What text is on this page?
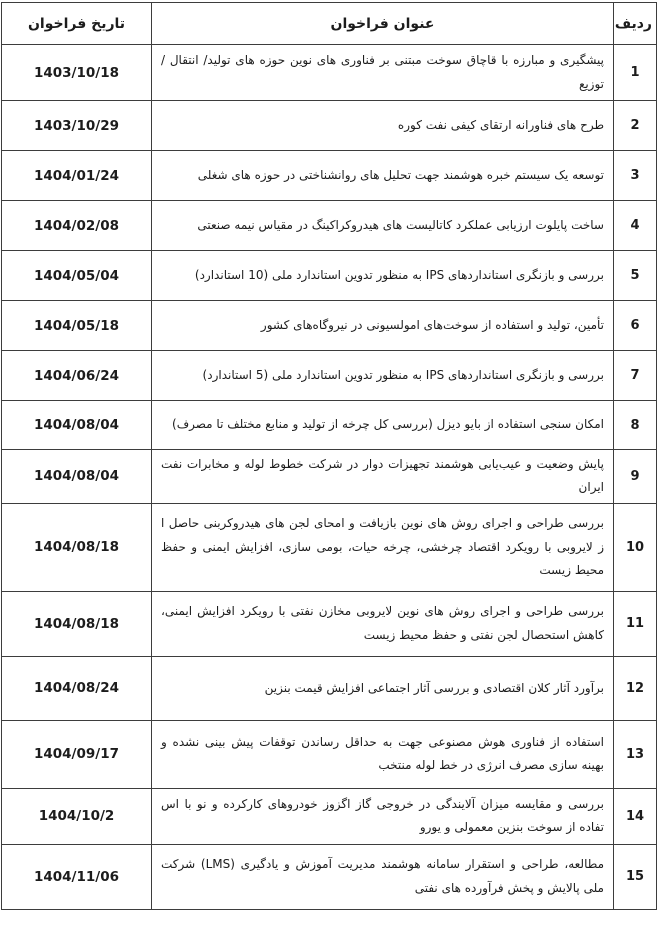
ردیف	عنوان فراخوان	تاریخ فراخوان
1	پیشگیری و مبارزه با قاچاق سوخت مبتنی بر فناوری های نوین حوزه های تولید/ انتقال / توزیع	1403/10/18
2	طرح های فناورانه ارتقای کیفی نفت کوره	1403/10/29
3	توسعه یک سیستم خبره هوشمند جهت تحلیل های روانشناختی در حوزه های شغلی	1404/01/24
4	ساخت پایلوت ارزیابی عملکرد کاتالیست های هیدروکراکینگ در مقیاس نیمه صنعتی	1404/02/08
5	بررسی و بازنگری استانداردهای IPS به منظور تدوین استاندارد ملی (10 استاندارد)	1404/05/04
6	تأمین، تولید و استفاده از سوخت‌های امولسیونی در نیروگاه‌های کشور	1404/05/18
7	بررسی و بازنگری استانداردهای IPS به منظور تدوین استاندارد ملی (5 استاندارد)	1404/06/24
8	امکان سنجی استفاده از بایو دیزل (بررسی کل چرخه از تولید و منابع مختلف تا مصرف)	1404/08/04
9	پایش وضعیت و عیب‌یابی هوشمند تجهیزات دوار در شرکت خطوط لوله و مخابرات نفت ایران	1404/08/04
10	بررسی طراحی و اجرای روش های نوین بازیافت و امحای لجن های هیدروکربنی حاصل ا ز لایروبی با رویکرد اقتصاد چرخشی، چرخه حیات، بومی سازی، افزایش ایمنی و حفظ محیط زیست	1404/08/18
11	بررسی طراحی و اجرای روش های نوین لایروبی مخازن نفتی با رویکرد افزایش ایمنی، کاهش استحصال لجن نفتی و حفظ محیط زیست	1404/08/18
12	برآورد آثار کلان اقتصادی و بررسی آثار اجتماعی افزایش قیمت بنزین	1404/08/24
13	استفاده از فناوری هوش مصنوعی جهت به حداقل رساندن توقفات پیش بینی نشده و بهینه سازی مصرف انرژی در خط لوله منتخب	1404/09/17
14	بررسی و مقایسه میزان آلایندگی در خروجی گاز اگزوز خودروهای کارکرده و نو با اس تفاده از سوخت بنزین معمولی و یورو	1404/10/2
15	مطالعه، طراحی و استقرار سامانه هوشمند مدیریت آموزش و یادگیری (LMS) شرکت ملی پالایش و پخش فرآورده های نفتی	1404/11/06
